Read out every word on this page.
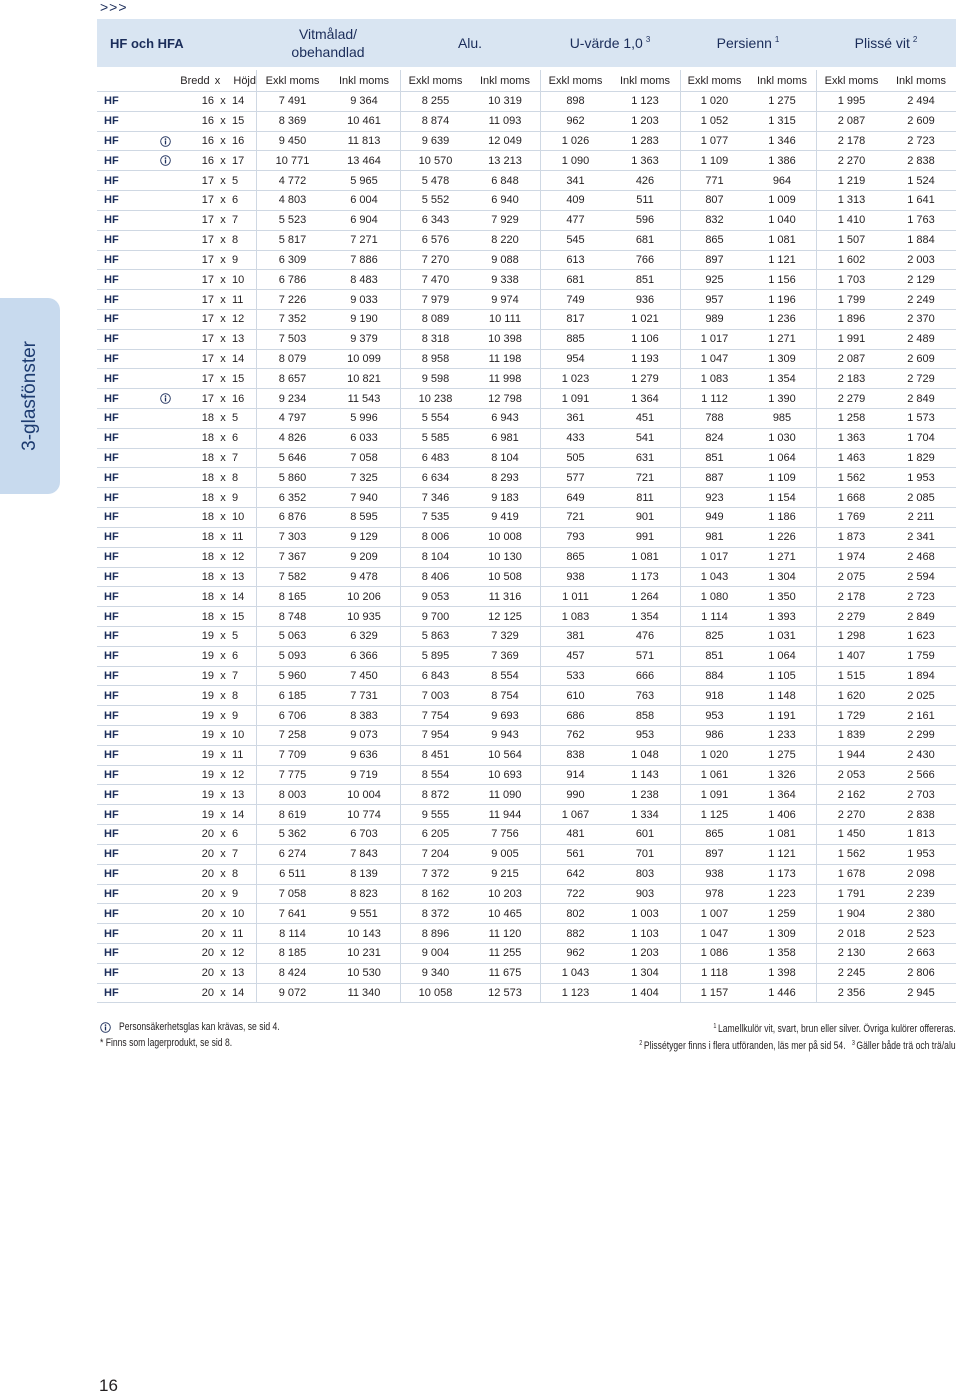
>>>
3-glasfönster
HF och HFA
Vitmålad/
obehandlad
Alu.	U-värde 1,0 $^3$	Persienn $^1$	Plissé vit $^2$
Bredd x	Höjd Exkl moms	Inkl moms	Exkl moms	Inkl moms	Exkl moms	Inkl moms	Exkl moms	Inkl moms	Exkl moms	Inkl moms
HF	16 x 14	7 491	9 364	8 255	10 319	898	1 123	1 020	1 275	1 995	2 494
HF	16 x 15	8 369	10 461	8 874	11 093	962	1 203	1 052	1 315	2 087	2 609
HF	16 x 16	9 450	11 813	9 639	12 049	1 026	1 283	1 077	1 346	2 178	2 723
HF	16 x 17	10 771	13 464	10 570	13 213	1 090	1 363	1 109	1 386	2 270	2 838
HF	17 x 5	4 772	5 965	5 478	6 848	341	426	771	964	1 219	1 524
HF	17 x 6	4 803	6 004	5 552	6 940	409	511	807	1 009	1 313	1 641
HF	17 x 7	5 523	6 904	6 343	7 929	477	596	832	1 040	1 410	1 763
HF	17 x 8	5 817	7 271	6 576	8 220	545	681	865	1 081	1 507	1 884
HF	17 x 9	6 309	7 886	7 270	9 088	613	766	897	1 121	1 602	2 003
HF	17 x 10	6 786	8 483	7 470	9 338	681	851	925	1 156	1 703	2 129
HF	17 x 11	7 226	9 033	7 979	9 974	749	936	957	1 196	1 799	2 249
HF	17 x 12	7 352	9 190	8 089	10 111	817	1 021	989	1 236	1 896	2 370
HF	17 x 13	7 503	9 379	8 318	10 398	885	1 106	1 017	1 271	1 991	2 489
HF	17 x 14	8 079	10 099	8 958	11 198	954	1 193	1 047	1 309	2 087	2 609
HF	17 x 15	8 657	10 821	9 598	11 998	1 023	1 279	1 083	1 354	2 183	2 729
HF	17 x 16	9 234	11 543	10 238	12 798	1 091	1 364	1 112	1 390	2 279	2 849
HF	18 x 5	4 797	5 996	5 554	6 943	361	451	788	985	1 258	1 573
HF	18 x 6	4 826	6 033	5 585	6 981	433	541	824	1 030	1 363	1 704
HF	18 x 7	5 646	7 058	6 483	8 104	505	631	851	1 064	1 463	1 829
HF	18 x 8	5 860	7 325	6 634	8 293	577	721	887	1 109	1 562	1 953
HF	18 x 9	6 352	7 940	7 346	9 183	649	811	923	1 154	1 668	2 085
HF	18 x 10	6 876	8 595	7 535	9 419	721	901	949	1 186	1 769	2 211
HF	18 x 11	7 303	9 129	8 006	10 008	793	991	981	1 226	1 873	2 341
HF	18 x 12	7 367	9 209	8 104	10 130	865	1 081	1 017	1 271	1 974	2 468
HF	18 x 13	7 582	9 478	8 406	10 508	938	1 173	1 043	1 304	2 075	2 594
HF	18 x 14	8 165	10 206	9 053	11 316	1 011	1 264	1 080	1 350	2 178	2 723
HF	18 x 15	8 748	10 935	9 700	12 125	1 083	1 354	1 114	1 393	2 279	2 849
HF	19 x 5	5 063	6 329	5 863	7 329	381	476	825	1 031	1 298	1 623
HF	19 x 6	5 093	6 366	5 895	7 369	457	571	851	1 064	1 407	1 759
HF	19 x 7	5 960	7 450	6 843	8 554	533	666	884	1 105	1 515	1 894
HF	19 x 8	6 185	7 731	7 003	8 754	610	763	918	1 148	1 620	2 025
HF	19 x 9	6 706	8 383	7 754	9 693	686	858	953	1 191	1 729	2 161
HF	19 x 10	7 258	9 073	7 954	9 943	762	953	986	1 233	1 839	2 299
HF	19 x 11	7 709	9 636	8 451	10 564	838	1 048	1 020	1 275	1 944	2 430
HF	19 x 12	7 775	9 719	8 554	10 693	914	1 143	1 061	1 326	2 053	2 566
HF	19 x 13	8 003	10 004	8 872	11 090	990	1 238	1 091	1 364	2 162	2 703
HF	19 x 14	8 619	10 774	9 555	11 944	1 067	1 334	1 125	1 406	2 270	2 838
HF	20 x 6	5 362	6 703	6 205	7 756	481	601	865	1 081	1 450	1 813
HF	20 x 7	6 274	7 843	7 204	9 005	561	701	897	1 121	1 562	1 953
HF	20 x 8	6 511	8 139	7 372	9 215	642	803	938	1 173	1 678	2 098
HF	20 x 9	7 058	8 823	8 162	10 203	722	903	978	1 223	1 791	2 239
HF	20 x 10	7 641	9 551	8 372	10 465	802	1 003	1 007	1 259	1 904	2 380
HF	20 x 11	8 114	10 143	8 896	11 120	882	1 103	1 047	1 309	2 018	2 523
HF	20 x 12	8 185	10 231	9 004	11 255	962	1 203	1 086	1 358	2 130	2 663
HF	20 x 13	8 424	10 530	9 340	11 675	1 043	1 304	1 118	1 398	2 245	2 806
HF	20 x 14	9 072	11 340	10 058	12 573	1 123	1 404	1 157	1 446	2 356	2 945
Personsäkerhetsglas kan krävas, se sid 4.
* Finns som lagerprodukt, se sid 8.
$^1$ Lamellkulör vit, svart, brun eller silver. Övriga kulörer offereras.
$^2$ Plissétyger finns i flera utföranden, läs mer på sid 54. $^3$ Gäller både trä och trä/alu
16
